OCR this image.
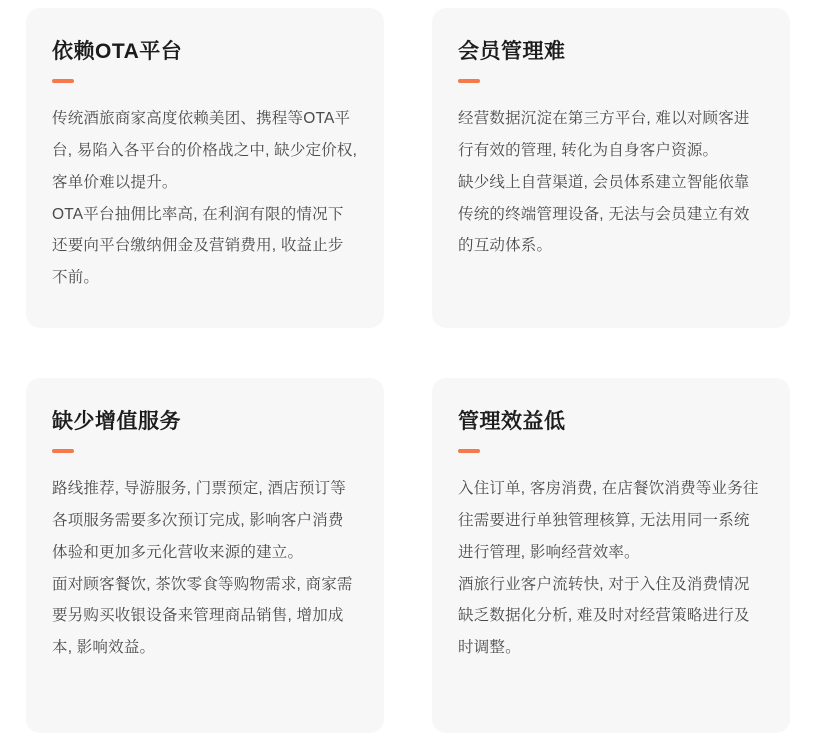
依赖OTA平台

传统酒旅商家高度依赖美团、携程等OTA平台, 易陷入各平台的价格战之中, 缺少定价权, 客单价难以提升。

OTA平台抽佣比率高, 在利润有限的情况下还要向平台缴纳佣金及营销费用, 收益止步不前。

会员管理难

经营数据沉淀在第三方平台, 难以对顾客进行有效的管理, 转化为自身客户资源。

缺少线上自营渠道, 会员体系建立智能依靠传统的终端管理设备, 无法与会员建立有效的互动体系。

缺少增值服务

路线推荐, 导游服务, 门票预定, 酒店预订等各项服务需要多次预订完成, 影响客户消费体验和更加多元化营收来源的建立。

面对顾客餐饮, 茶饮零食等购物需求, 商家需要另购买收银设备来管理商品销售, 增加成本, 影响效益。

管理效益低

入住订单, 客房消费, 在店餐饮消费等业务往往需要进行单独管理核算, 无法用同一系统进行管理, 影响经营效率。

酒旅行业客户流转快, 对于入住及消费情况缺乏数据化分析, 难及时对经营策略进行及时调整。
